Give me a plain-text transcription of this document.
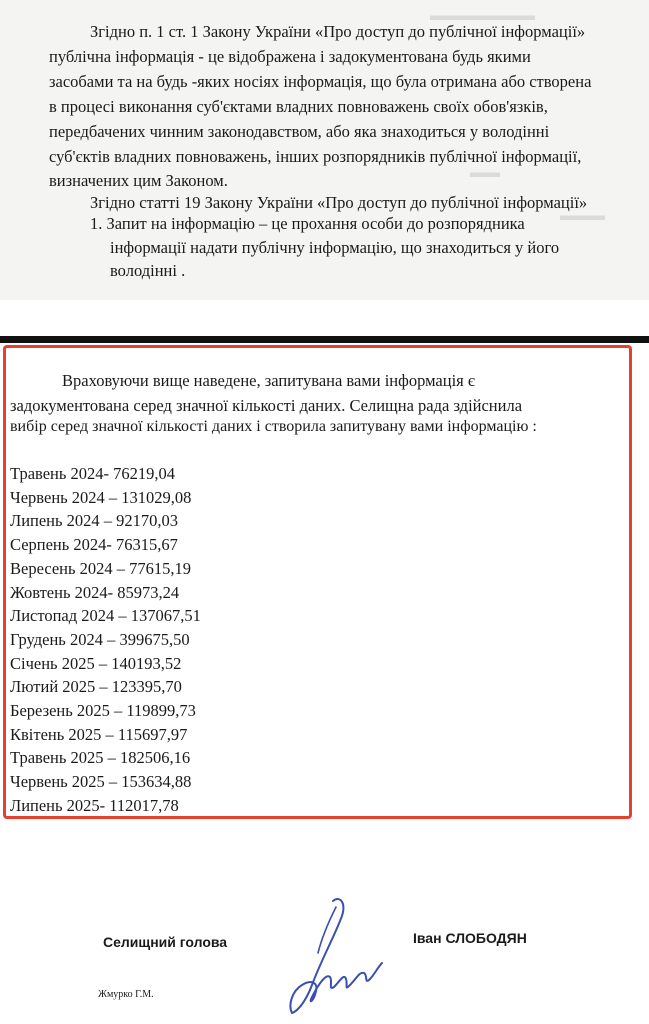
▬▬▬▬▬▬▬
▬▬
▬▬▬
Згідно п. 1 ст. 1 Закону України «Про доступ до публічної інформації»
публічна інформація - це відображена і задокументована будь якими
засобами та на будь -яких носіях інформація, що була отримана або створена
в процесі виконання суб'єктами владних повноважень своїх обов'язків,
передбачених чинним законодавством, або яка знаходиться у володінні
суб'єктів владних повноважень, інших розпорядників публічної інформації,
визначених цим Законом.
Згідно статті 19 Закону України «Про доступ до публічної інформації»
1. Запит на інформацію – це прохання особи до розпорядника
інформації надати публічну інформацію, що знаходиться у його
володінні .
Враховуючи вище наведене, запитувана вами інформація є
задокументована серед значної кількості даних. Селищна рада здійснила
вибір серед значної кількості даних і створила запитувану вами інформацію :
Травень 2024- 76219,04
Червень 2024 – 131029,08
Липень 2024 – 92170,03
Серпень 2024- 76315,67
Вересень 2024 – 77615,19
Жовтень 2024- 85973,24
Листопад 2024 – 137067,51
Грудень 2024 – 399675,50
Січень 2025 – 140193,52
Лютий 2025 – 123395,70
Березень 2025 – 119899,73
Квітень 2025 – 115697,97
Травень 2025 – 182506,16
Червень 2025 – 153634,88
Липень 2025- 112017,78
Селищний голова	Іван СЛОБОДЯН
Жмурко Г.М.
